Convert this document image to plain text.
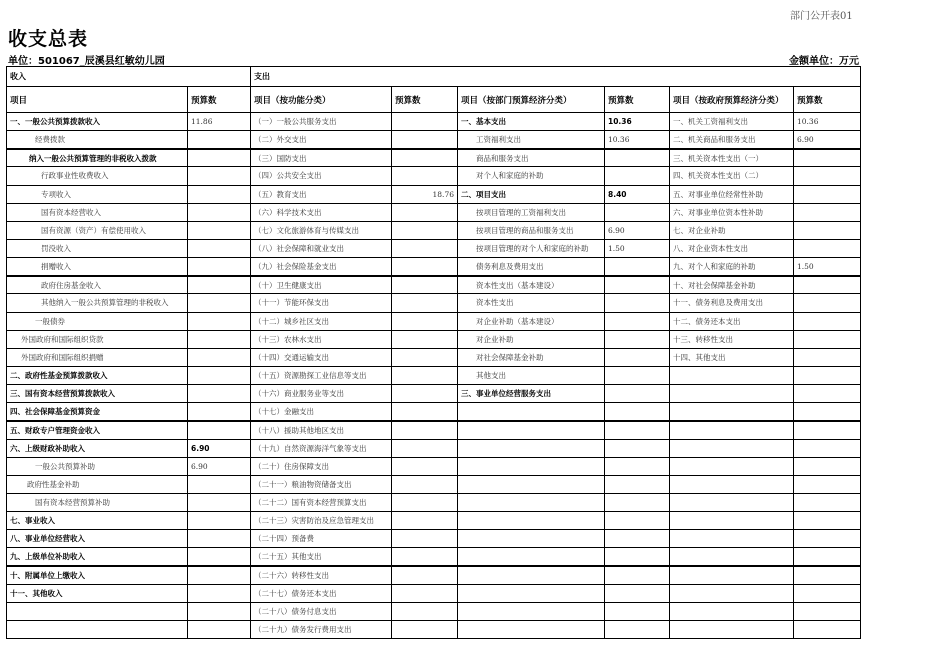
部门公开表01
收支总表
单位：501067_辰溪县红敏幼儿园	金额单位：万元
收入		支出					
项目	预算数	项目（按功能分类）	预算数	项目（按部门预算经济分类）	预算数	项目（按政府预算经济分类）	预算数
一、一般公共预算拨款收入	11.86	（一）一般公共服务支出		一、基本支出	10.36	一、机关工资福利支出	10.36
经费拨款		（二）外交支出		工资福利支出	10.36	二、机关商品和服务支出	6.90
纳入一般公共预算管理的非税收入拨款		（三）国防支出		商品和服务支出		三、机关资本性支出（一）	
行政事业性收费收入		（四）公共安全支出		对个人和家庭的补助		四、机关资本性支出（二）	
专项收入		（五）教育支出	18.76	二、项目支出	8.40	五、对事业单位经常性补助	
国有资本经营收入		（六）科学技术支出		按项目管理的工资福利支出		六、对事业单位资本性补助	
国有资源（资产）有偿使用收入		（七）文化旅游体育与传媒支出		按项目管理的商品和服务支出	6.90	七、对企业补助	
罚没收入		（八）社会保障和就业支出		按项目管理的对个人和家庭的补助	1.50	八、对企业资本性支出	
捐赠收入		（九）社会保险基金支出		债务利息及费用支出		九、对个人和家庭的补助	1.50
政府住房基金收入		（十）卫生健康支出		资本性支出（基本建设）		十、对社会保障基金补助	
其他纳入一般公共预算管理的非税收入		（十一）节能环保支出		资本性支出		十一、债务利息及费用支出	
一般债券		（十二）城乡社区支出		对企业补助（基本建设）		十二、债务还本支出	
外国政府和国际组织贷款		（十三）农林水支出		对企业补助		十三、转移性支出	
外国政府和国际组织捐赠		（十四）交通运输支出		对社会保障基金补助		十四、其他支出	
二、政府性基金预算拨款收入		（十五）资源勘探工业信息等支出		其他支出			
三、国有资本经营预算拨款收入		（十六）商业服务业等支出		三、事业单位经营服务支出			
四、社会保障基金预算资金		（十七）金融支出					
五、财政专户管理资金收入		（十八）援助其他地区支出					
六、上级财政补助收入	6.90	（十九）自然资源海洋气象等支出					
一般公共预算补助	6.90	（二十）住房保障支出					
政府性基金补助		（二十一）粮油物资储备支出					
国有资本经营预算补助		（二十二）国有资本经营预算支出					
七、事业收入		（二十三）灾害防治及应急管理支出					
八、事业单位经营收入		（二十四）预备费					
九、上级单位补助收入		（二十五）其他支出					
十、附属单位上缴收入		（二十六）转移性支出					
十一、其他收入		（二十七）债务还本支出					
		（二十八）债务付息支出					
		（二十九）债务发行费用支出					
